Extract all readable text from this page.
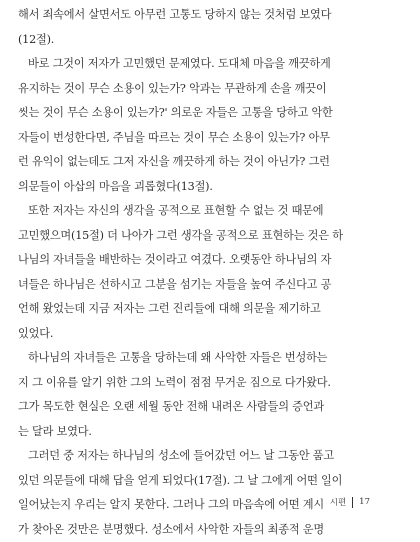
해서 죄속에서 살면서도 아무런 고통도 당하지 않는 것처럼 보였다
(12절).
바로 그것이 저자가 고민했던 문제였다. 도대체 마음을 깨끗하게
유지하는 것이 무슨 소용이 있는가? 악과는 무관하게 손을 깨끗이
씻는 것이 무슨 소용이 있는가?' 의로운 자들은 고통을 당하고 악한
자들이 번성한다면, 주님을 따르는 것이 무슨 소용이 있는가? 아무
런 유익이 없는데도 그저 자신을 깨끗하게 하는 것이 아닌가? 그런
의문들이 아삽의 마음을 괴롭혔다(13절).
또한 저자는 자신의 생각을 공적으로 표현할 수 없는 것 때문에
고민했으며(15절) 더 나아가 그런 생각을 공적으로 표현하는 것은 하
나님의 자녀들을 배반하는 것이라고 여겼다. 오랫동안 하나님의 자
녀들은 하나님은 선하시고 그분을 섬기는 자들을 높여 주신다고 공
언해 왔었는데 지금 저자는 그런 진리들에 대해 의문을 제기하고
있었다.
하나님의 자녀들은 고통을 당하는데 왜 사악한 자들은 번성하는
지 그 이유를 알기 위한 그의 노력이 점점 무거운 짐으로 다가왔다.
그가 목도한 현실은 오랜 세월 동안 전해 내려온 사람들의 증언과
는 달라 보였다.
그러던 중 저자는 하나님의 성소에 들어갔던 어느 날 그동안 품고
있던 의문들에 대해 답을 얻게 되었다(17절). 그 날 그에게 어떤 일이
일어났는지 우리는 알지 못한다. 그러나 그의 마음속에 어떤 계시
가 찾아온 것만은 분명했다. 성소에서 사악한 자들의 최종적 운명
시편 17
